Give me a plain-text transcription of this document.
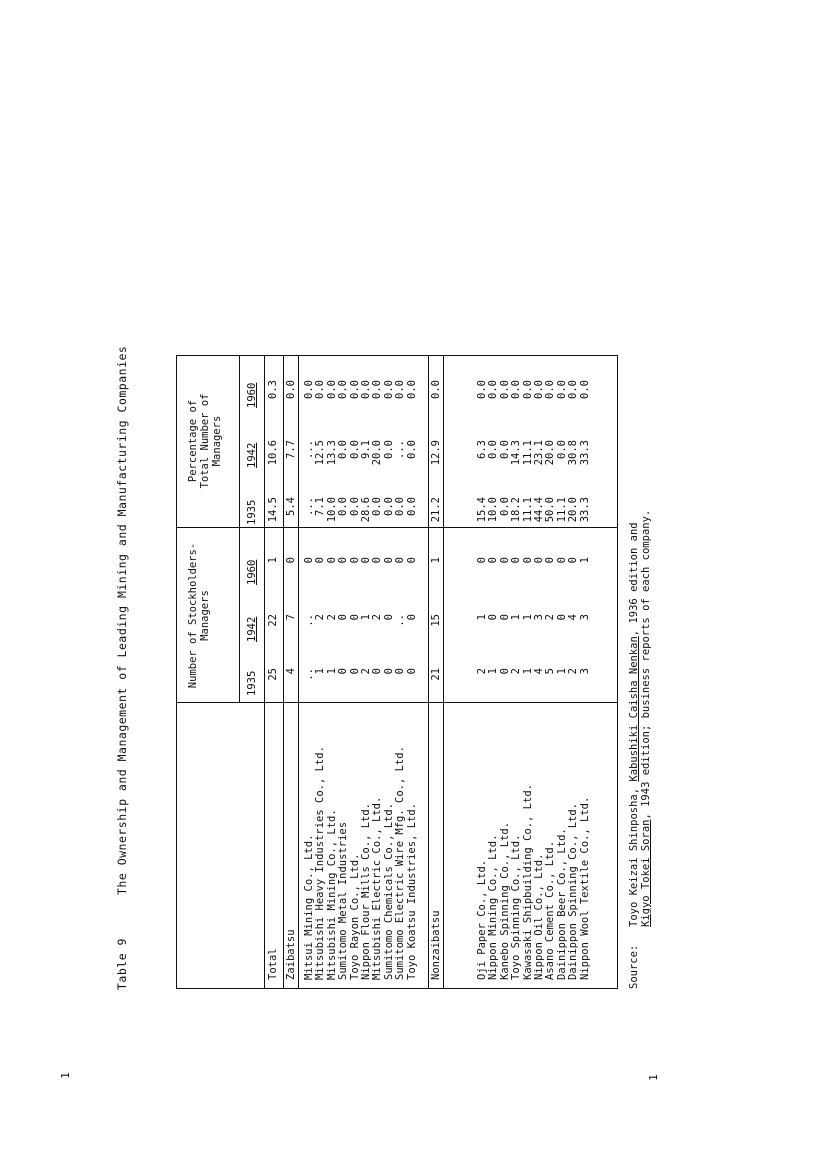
1	1
Table 9The Ownership and Management of Leading Mining and Manufacturing Companies	Number of Stockholders- Managers
Percentage of Total Number of Managers
1935
1942
1960
1935
1942
1960
Total
25
22
1
14.5
10.6
0.3
Zaibatsu
4
7
0
5.4
7.7
0.0
Mitsui Mining Co., Ltd.
..
..
0
...
...
0.0
Mitsubishi Heavy Industries Co., Ltd.
1
2
0
7.1
12.5
0.0
Mitsubishi Mining Co., Ltd.
1
2
0
10.0
13.3
0.0
Sumitomo Metal Industries
0
0
0
0.0
0.0
0.0
Toyo Rayon Co., Ltd.
0
0
0
0.0
0.0
0.0
Nippon Flour Mills Co., Ltd.
2
1
0
28.6
9.1
0.0
Mitsubishi Electric Co., Ltd.
0
2
0
0.0
20.0
0.0
Sumitomo Chemicals Co., Ltd.
0
0
0
0.0
0.0
0.0
Sumitomo Electric Wire Mfg. Co., Ltd.
0
..
0
0.0
...
0.0
Toyo Koatsu Industries, Ltd.
0
0
0
0.0
0.0
0.0
Nonzaibatsu
21
15
1
21.2
12.9
0.0
Oji Paper Co., Ltd.
2
1
0
15.4
6.3
0.0
Nippon Mining Co., Ltd.
1
0
0
10.0
0.0
0.0
Kanebo Spinning Co., Ltd.
0
0
0
0.0
0.0
0.0
Toyo Spinning Co., Ltd.
2
1
0
18.2
14.3
0.0
Kawasaki Shipbuilding Co., Ltd.
1
1
0
11.1
11.1
0.0
Nippon Oil Co., Ltd.
4
3
0
44.4
23.1
0.0
Asano Cement Co., Ltd.
5
2
0
50.0
20.0
0.0
Dainippon Beer Co., Ltd.
1
0
0
11.1
0.0
0.0
Dainippon Spinning Co., Ltd.
2
4
0
20.0
30.8
0.0
Nippon Wool Textile Co., Ltd.
3
3
1
33.3
33.3
0.0
Source:Toyo Keizai Shinposha, Kabushiki Caisha Nenkan, 1936 edition and
Kigyo Tokei Soran, 1943 edition; business reports of each company.
